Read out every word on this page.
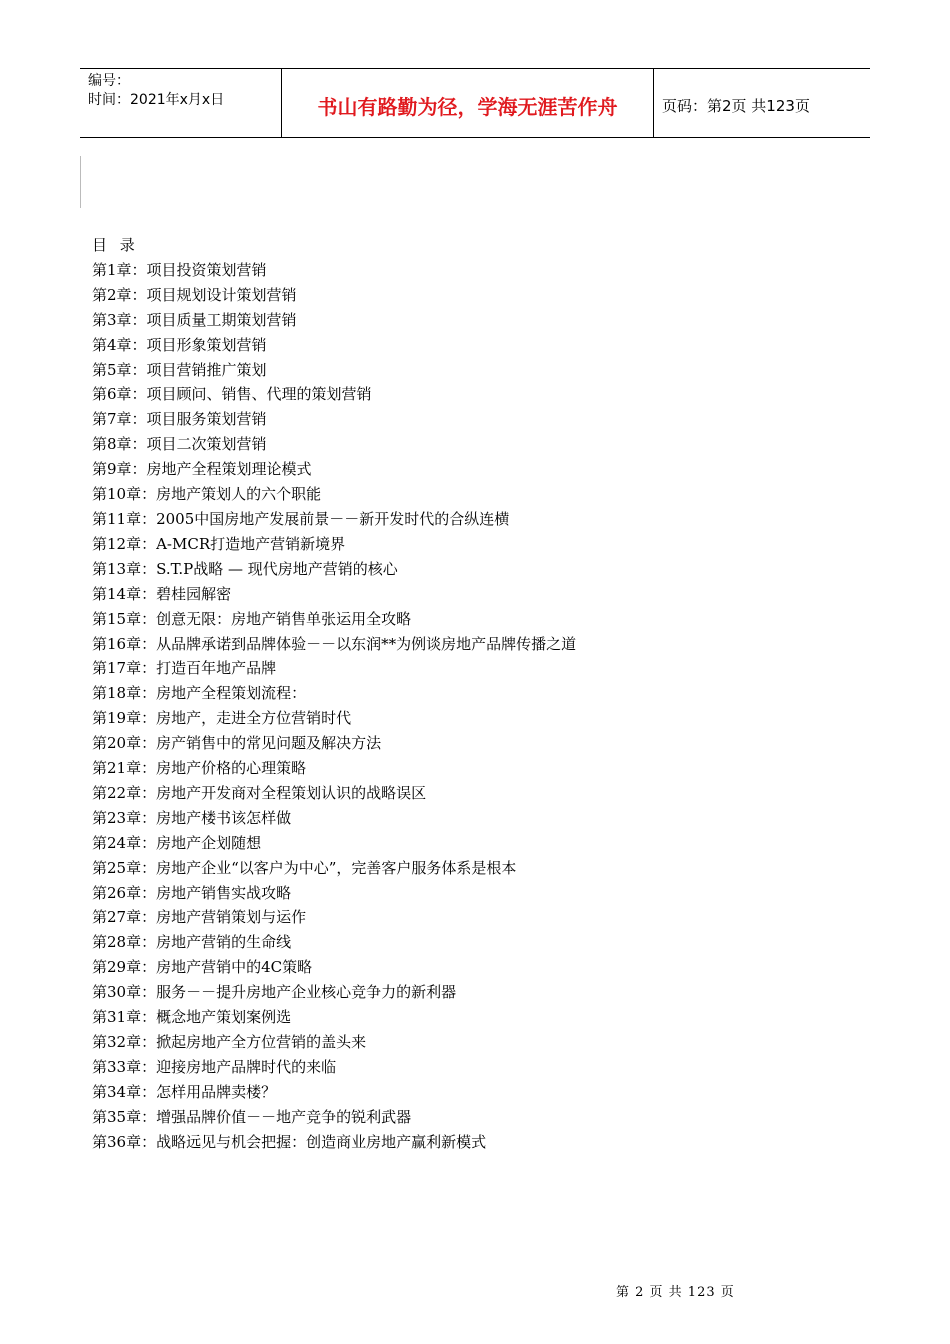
编号：
时间：2021年x月x日	书山有路勤为径，学海无涯苦作舟	页码：第2页 共123页
目 录
第1章：项目投资策划营销
第2章：项目规划设计策划营销
第3章：项目质量工期策划营销
第4章：项目形象策划营销
第5章：项目营销推广策划
第6章：项目顾问、销售、代理的策划营销
第7章：项目服务策划营销
第8章：项目二次策划营销
第9章：房地产全程策划理论模式
第10章：房地产策划人的六个职能
第11章：2005中国房地产发展前景－－新开发时代的合纵连横
第12章：A-MCR打造地产营销新境界
第13章：S.T.P战略 — 现代房地产营销的核心
第14章：碧桂园解密
第15章：创意无限：房地产销售单张运用全攻略
第16章：从品牌承诺到品牌体验－－以东润**为例谈房地产品牌传播之道
第17章：打造百年地产品牌
第18章：房地产全程策划流程：
第19章：房地产，走进全方位营销时代
第20章：房产销售中的常见问题及解决方法
第21章：房地产价格的心理策略
第22章：房地产开发商对全程策划认识的战略误区
第23章：房地产楼书该怎样做
第24章：房地产企划随想
第25章：房地产企业“以客户为中心”，完善客户服务体系是根本
第26章：房地产销售实战攻略
第27章：房地产营销策划与运作
第28章：房地产营销的生命线
第29章：房地产营销中的4C策略
第30章：服务－－提升房地产企业核心竞争力的新利器
第31章：概念地产策划案例选
第32章：掀起房地产全方位营销的盖头来
第33章：迎接房地产品牌时代的来临
第34章：怎样用品牌卖楼？
第35章：增强品牌价值－－地产竞争的锐利武器
第36章：战略远见与机会把握：创造商业房地产赢利新模式
第 2 页 共 123 页
